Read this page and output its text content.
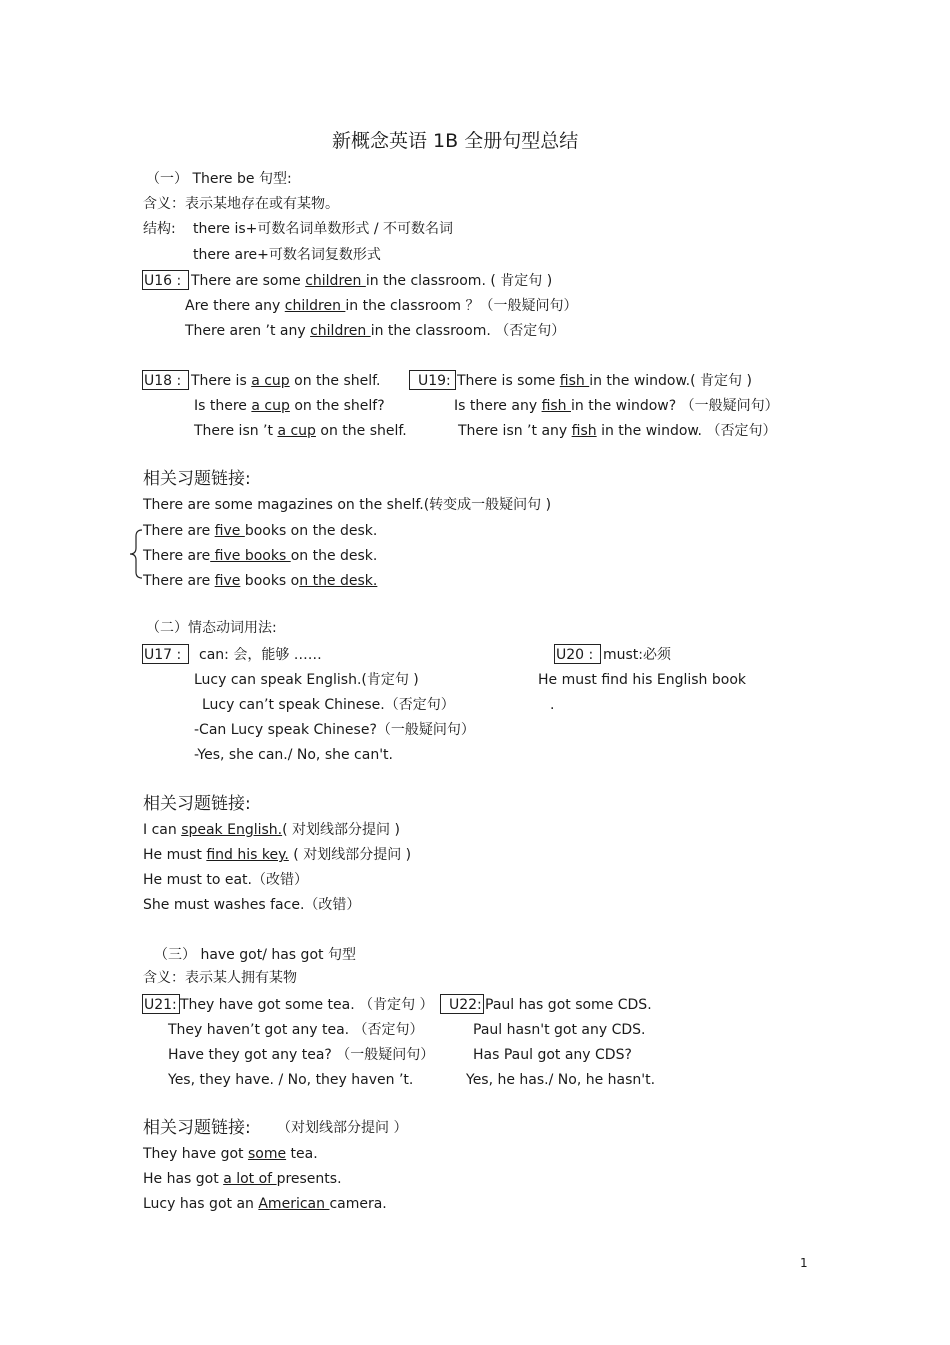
新概念英语 1B 全册句型总结
（一） There be 句型:
含义：表示某地存在或有某物。
结构: there is+可数名词单数形式 / 不可数名词
there are+可数名词复数形式
U16 : There are some children in the classroom. ( 肯定句 )
Are there any children in the classroom ？（一般疑问句）
There aren ’t any children in the classroom. （否定句）
U18 : There is a cup on the shelf.
Is there a cup on the shelf?
There isn ’t a cup on the shelf.
U19: There is some fish in the window.( 肯定句 )
Is there any fish in the window? （一般疑问句）
There isn ’t any fish in the window. （否定句）
相关习题链接:
There are some magazines on the shelf.(转变成一般疑问句 )
There are five books on the desk.
There are five books on the desk.
There are five books on the desk.
（二）情态动词用法:
U17 : can: 会，能够 ……
Lucy can speak English.(肯定句 )
Lucy can’t speak Chinese.（否定句）
-Can Lucy speak Chinese?（一般疑问句）
-Yes, she can./ No, she can't.
U20 : must:必须
He must find his English book
.
相关习题链接:
I can speak English.( 对划线部分提问 )
He must find his key. ( 对划线部分提问 )
He must to eat.（改错）
She must washes face.（改错）
（三） have got/ has got 句型
含义：表示某人拥有某物
U21: They have got some tea. （肯定句 ）
They haven’t got any tea. （否定句）
Have they got any tea? （一般疑问句）
Yes, they have. / No, they haven ’t.
U22: Paul has got some CDS.
Paul hasn't got any CDS.
Has Paul got any CDS?
Yes, he has./ No, he hasn't.
相关习题链接: （对划线部分提问 ）
They have got some tea.
He has got a lot of presents.
Lucy has got an American camera.
1
